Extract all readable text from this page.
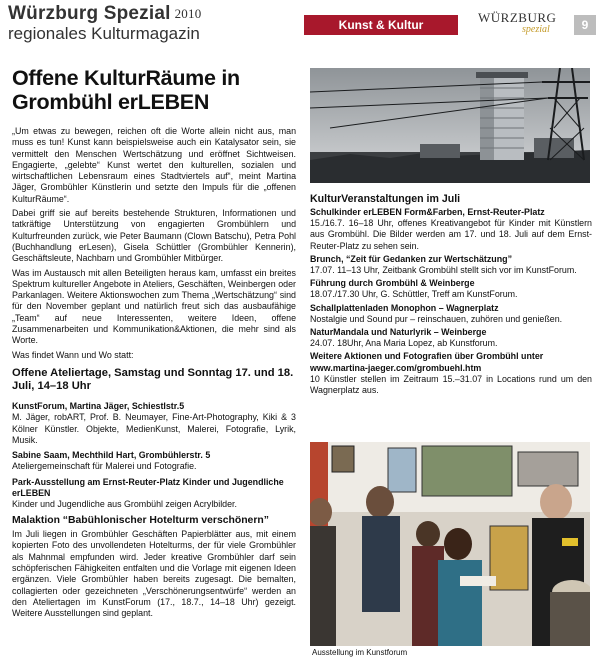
Würzburg Spezial $^{2010}$
regionales Kulturmagazin	Kunst & Kultur	WÜRZBURG
spezial	9
Offene KulturRäume in Grombühl erLEBEN

„Um etwas zu bewegen, reichen oft die Worte allein nicht aus, man muss es tun! Kunst kann beispielsweise auch ein Katalysator sein, sie vermittelt den Menschen Wertschätzung und eröffnet Sichtweisen. Engagierte, „gelebte“ Kunst wertet den kulturellen, sozialen und wirtschaftlichen Lebensraum eines Stadtviertels auf“, meint Martina Jäger, Grombühler Künstlerin und setzte den Impuls für die „offenen KulturRäume“.

Dabei griff sie auf bereits bestehende Strukturen, Informationen und tatkräftige Unterstützung von engagierten Grombühlern und Kulturfreunden zurück, wie Peter Baumann (Clown Batschu), Petra Pohl (Buchhandlung erLesen), Gisela Schüttler (Grombühler Kennerin), Geschäftsleute, Nachbarn und Grombühler Mitbürger.

Was im Austausch mit allen Beteiligten heraus kam, umfasst ein breites Spektrum kultureller Angebote in Ateliers, Geschäften, Weinbergen oder Parkanlagen. Weitere Aktionswochen zum Thema „Wertschätzung“ sind für den November geplant und natürlich freut sich das ausbaufähige „Team“ auf neue Interessenten, weitere Ideen, offene Zusammenarbeiten und Kommunikation&Aktionen, die mehr sind als Worte.

Was findet Wann und Wo statt:

Offene Ateliertage, Samstag und Sonntag 17. und 18. Juli, 14–18 Uhr
KunstForum, Martina Jäger, Schiestlstr.5
M. Jäger, robART, Prof. B. Neumayer, Fine-Art-Photography, Kiki & 3 Kölner Künstler. Objekte, MedienKunst, Malerei, Fotografie, Lyrik, Musik.
Sabine Saam, Mechthild Hart, Grombühlerstr. 5
Ateliergemeinschaft für Malerei und Fotografie.
Park-Ausstellung am Ernst-Reuter-Platz Kinder und Jugendliche erLEBEN
Kinder und Jugendliche aus Grombühl zeigen Acrylbilder.
Malaktion “Babühlonischer Hotelturm verschönern”

Im Juli liegen in Grombühler Geschäften Papierblätter aus, mit einem kopierten Foto des unvollendeten Hotelturms, der für viele Grombühler als Mahnmal empfunden wird. Jeder kreative Grombühler darf sein schöpferischen Fähigkeiten entfalten und die Vorlage mit eigenen Ideen ergänzen. Viele Grombühler haben bereits zugesagt. Die bemalten, collagierten oder gezeichneten „Verschönerungsentwürfe“ werden an den Ateliertagen im KunstForum (17., 18.7., 14–18 Uhr) gezeigt. Weitere Ausstellungen sind geplant.

KulturVeranstaltungen im Juli
Schulkinder erLEBEN Form&Farben, Ernst-Reuter-Platz
15./16.7. 16–18 Uhr, offenes Kreativangebot für Kinder mit Künstlern aus Grombühl. Die Bilder werden am 17. und 18. Juli auf dem Ernst-Reuter-Platz zu sehen sein.
Brunch, “Zeit für Gedanken zur Wertschätzung”
17.07. 11–13 Uhr, Zeitbank Grombühl stellt sich vor im KunstForum.
Führung durch Grombühl & Weinberge
18.07./17.30 Uhr, G. Schüttler, Treff am KunstForum.
Schallplattenladen Monophon – Wagnerplatz
Nostalgie und Sound pur – reinschauen, zuhören und genießen.
NaturMandala und Naturlyrik – Weinberge
24.07. 18Uhr, Ana Maria Lopez, ab Kunstforum.
Weitere Aktionen und Fotografien über Grombühl unter www.martina-jaeger.com/grombuehl.htm
10 Künstler stellen im Zeitraum 15.–31.07 in Locations rund um den Wagnerplatz aus.
Ausstellung im Kunstforum
